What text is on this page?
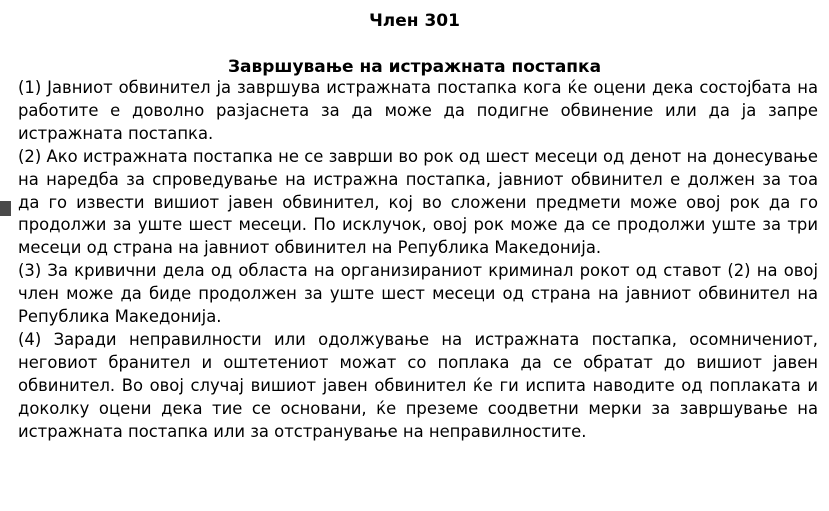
Член 301
Завршување на истражната постапка

(1) Јавниот обвинител ја завршува истражната постапка кога ќе оцени дека состојбата на работите е доволно разјаснета за да може да подигне обвинение или да ја запре истражната постапка.

(2) Ако истражната постапка не се заврши во рок од шест месеци од денот на донесување на наредба за спроведување на истражна постапка, јавниот обвинител е должен за тоа да го извести вишиот јавен обвинител, кој во сложени предмети може овој рок да го продолжи за уште шест месеци. По исклучок, овој рок може да се продолжи уште за три месеци од страна на јавниот обвинител на Република Македонија.

(3) За кривични дела од областа на организираниот криминал рокот од ставот (2) на овој член може да биде продолжен за уште шест месеци од страна на јавниот обвинител на Република Македонија.

(4) Заради неправилности или одолжување на истражната постапка, осомничениот, неговиот бранител и оштетениот можат со поплака да се обратат до вишиот јавен обвинител. Во овој случај вишиот јавен обвинител ќе ги испита наводите од поплаката и доколку оцени дека тие се основани, ќе преземе соодветни мерки за завршување на истражната постапка или за отстранување на неправилностите.
